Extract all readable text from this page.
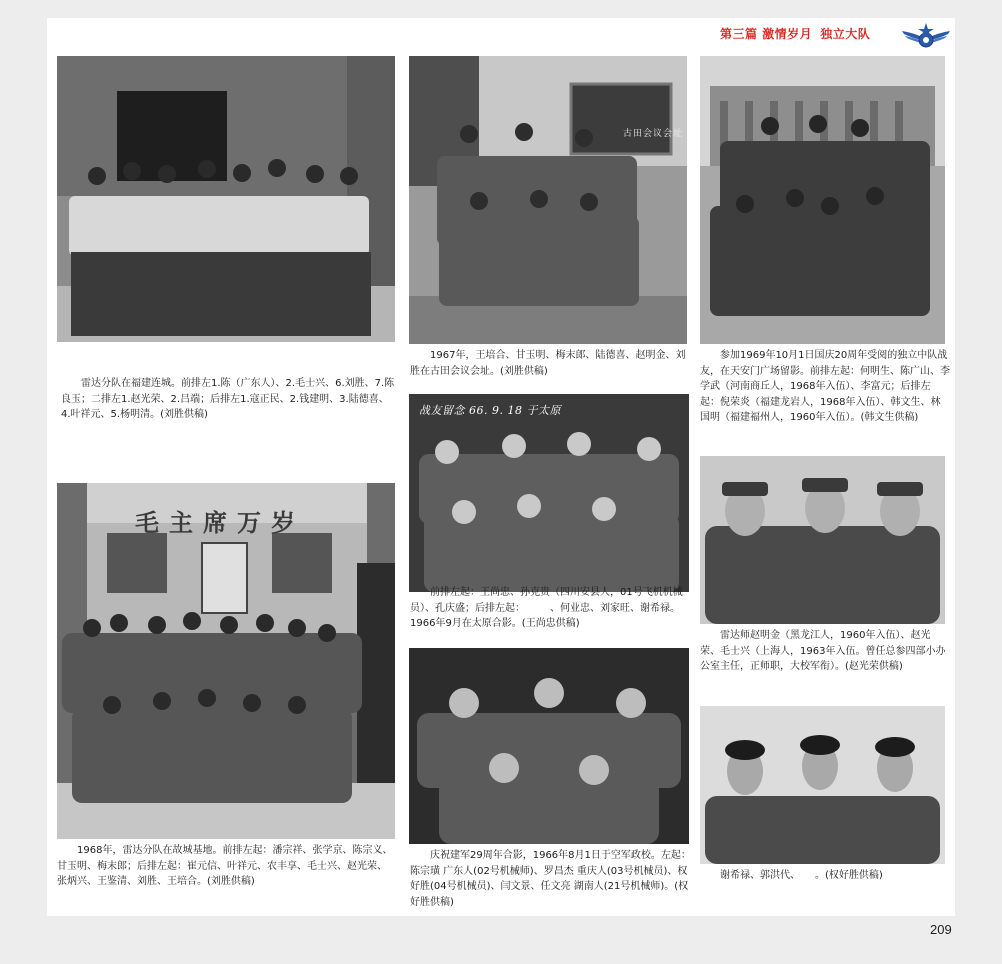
第三篇 激情岁月 独立大队
雷达分队在福建连城。前排左1.陈（广东人）、2.毛士兴、6.刘胜、7.陈良玉；二排左1.赵光荣、2.吕端；后排左1.寇正民、2.钱建明、3.陆德喜、4.叶祥元、5.杨明清。(刘胜供稿)
古田会议会址
1967年，王培合、甘玉明、梅末郎、陆德喜、赵明金、刘胜在古田会议会址。(刘胜供稿)
参加1969年10月1日国庆20周年受阅的独立中队战友，在天安门广场留影。前排左起：何明生、陈广山、李学武（河南商丘人，1968年入伍）、李富元；后排左起：倪荣炎（福建龙岩人，1968年入伍）、韩文生、林国明（福建福州人，1960年入伍）。(韩文生供稿)
战友留念 66. 9. 18 于太原
前排左起：王尚忠、孙克贵（四川安县人，01号飞机机械员）、孔庆盛；后排左起：　　　、何业忠、刘家旺、谢希禄。1966年9月在太原合影。(王尚忠供稿)
毛主席万岁
1968年，雷达分队在故城基地。前排左起：潘宗祥、张学京、陈宗义、甘玉明、梅末郎；后排左起：崔元信、叶祥元、农丰享、毛士兴、赵光荣、张炳兴、王鉴清、刘胜、王培合。(刘胜供稿)
雷达师赵明金（黑龙江人，1960年入伍）、赵光荣、毛士兴（上海人，1963年入伍。曾任总参四部小办公室主任，正师职，大校军衔）。(赵光荣供稿)
庆祝建军29周年合影，1966年8月1日于空军政校。左起：陈宗璜 广东人(02号机械师)、罗昌杰 重庆人(03号机械员)、权好胜(04号机械员)、闫文景、任文亮 湖南人(21号机械师)。(权好胜供稿)
谢希禄、郭洪代、　　。(权好胜供稿)
209
